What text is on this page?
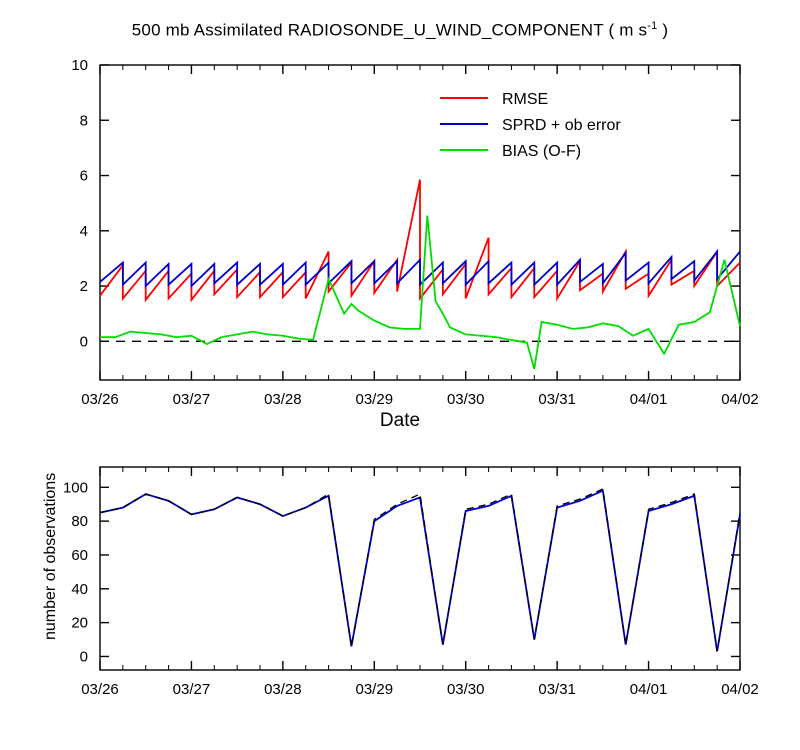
500 mb Assimilated RADIOSONDE_U_WIND_COMPONENT ( m $s^{-1}$ )
03/26	03/27	03/28	03/29	03/30	03/31	04/01	04/02
0
2
4
6
8
10
RMSE
SPRD + ob error
BIAS (O-F)
Date
03/26	03/27	03/28	03/29	03/30	03/31	04/01	04/02
0
20
40
60
80
100
number of observations
